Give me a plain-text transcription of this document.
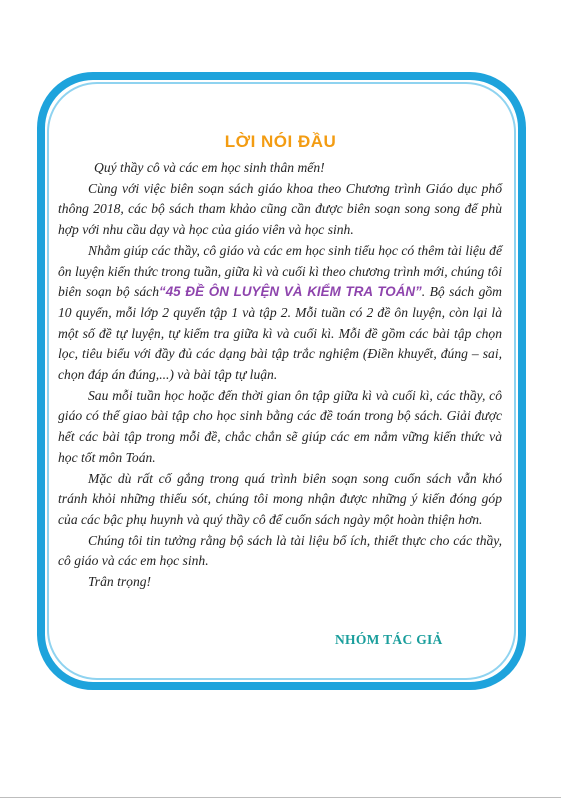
LỜI NÓI ĐẦU

Quý thầy cô và các em học sinh thân mến!

Cùng với việc biên soạn sách giáo khoa theo Chương trình Giáo dục phổ thông 2018, các bộ sách tham khảo cũng cần được biên soạn song song để phù hợp với nhu cầu dạy và học của giáo viên và học sinh.

Nhằm giúp các thầy, cô giáo và các em học sinh tiểu học có thêm tài liệu để ôn luyện kiến thức trong tuần, giữa kì và cuối kì theo chương trình mới, chúng tôi biên soạn bộ sách“45 ĐỀ ÔN LUYỆN VÀ KIỂM TRA TOÁN”. Bộ sách gồm 10 quyển, mỗi lớp 2 quyển tập 1 và tập 2. Mỗi tuần có 2 đề ôn luyện, còn lại là một số đề tự luyện, tự kiểm tra giữa kì và cuối kì. Mỗi đề gồm các bài tập chọn lọc, tiêu biểu với đầy đủ các dạng bài tập trắc nghiệm (Điền khuyết, đúng – sai, chọn đáp án đúng,...) và bài tập tự luận.

Sau mỗi tuần học hoặc đến thời gian ôn tập giữa kì và cuối kì, các thầy, cô giáo có thể giao bài tập cho học sinh bằng các đề toán trong bộ sách. Giải được hết các bài tập trong mỗi đề, chắc chắn sẽ giúp các em nắm vững kiến thức và học tốt môn Toán.

Mặc dù rất cố gắng trong quá trình biên soạn song cuốn sách vẫn khó tránh khỏi những thiếu sót, chúng tôi mong nhận được những ý kiến đóng góp của các bậc phụ huynh và quý thầy cô để cuốn sách ngày một hoàn thiện hơn.

Chúng tôi tin tưởng rằng bộ sách là tài liệu bổ ích, thiết thực cho các thầy, cô giáo và các em học sinh.

Trân trọng!

NHÓM TÁC GIẢ
